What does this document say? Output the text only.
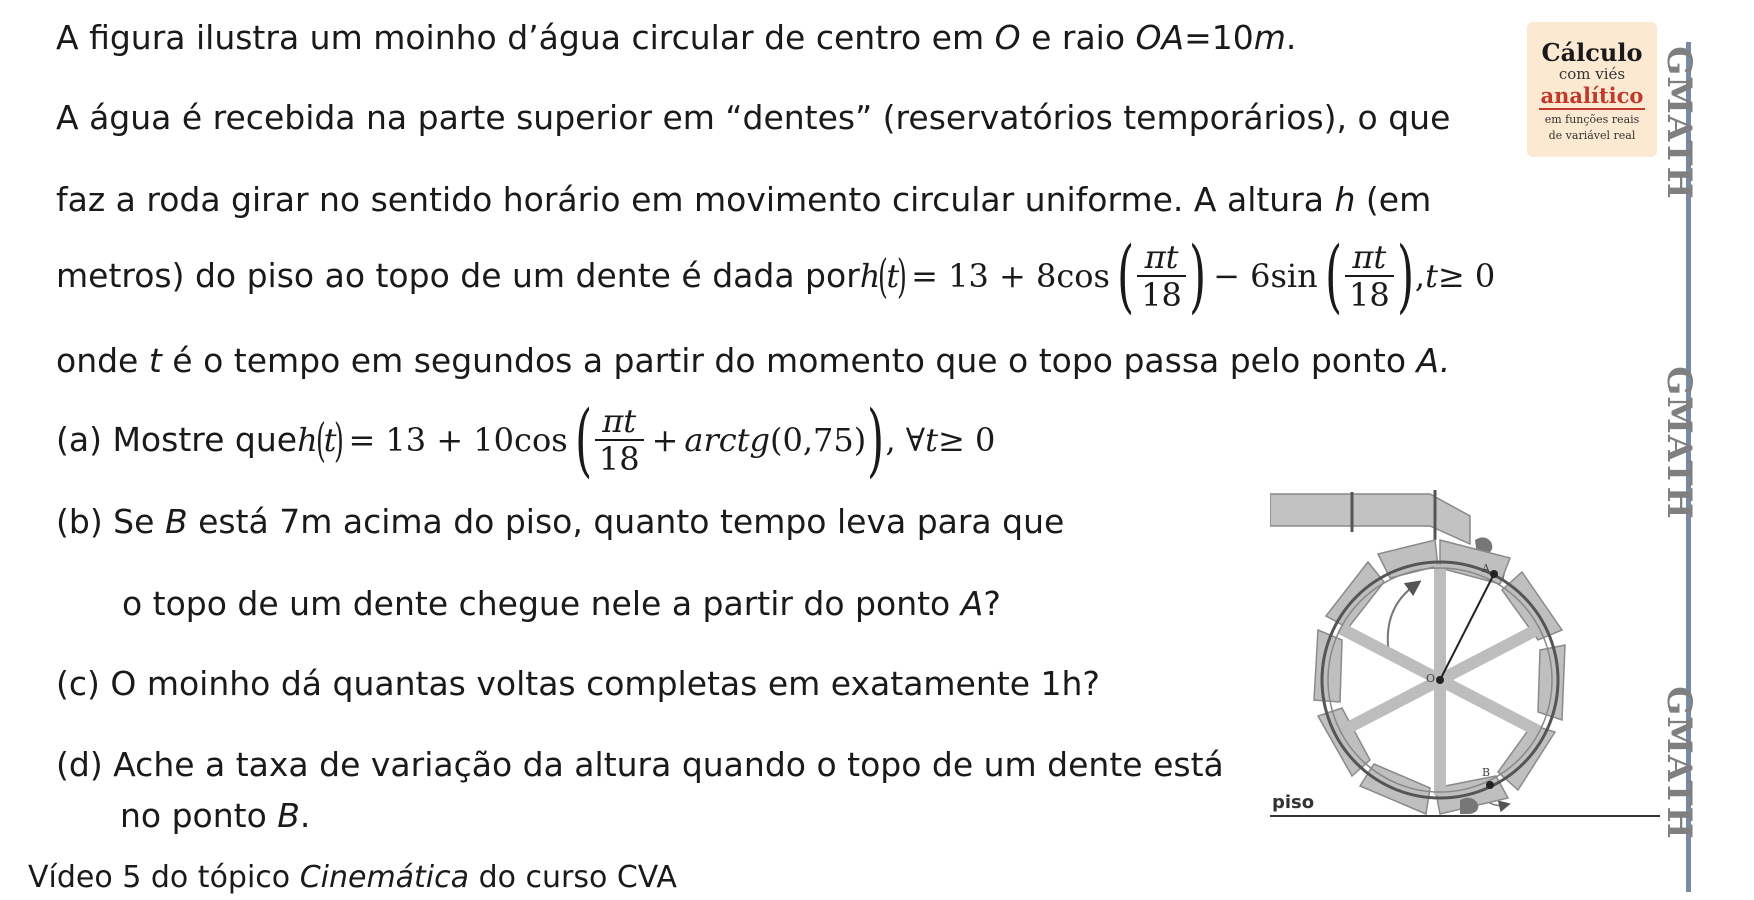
A figura ilustra um moinho d’água circular de centro em O e raio OA=10m.
A água é recebida na parte superior em “dentes” (reservatórios temporários), o que
faz a roda girar no sentido horário em movimento circular uniforme. A altura h (em
metros) do piso ao topo de um dente é dada por h
(
t
) = 13 + 8cos ( $\frac{\pi t}{18}$ ) − 6sin ( $\frac{\pi t}{18}$ ) , t ≥ 0
onde t é o tempo em segundos a partir do momento que o topo passa pelo ponto A.
(a) Mostre que h
(
t
) = 13 + 10cos ( $\frac{\pi t}{18}$ + arctg (0,75) ) , ∀ t ≥ 0
(b) Se B está 7m acima do piso, quanto tempo leva para que
o topo de um dente chegue nele a partir do ponto A?
(c) O moinho dá quantas voltas completas em exatamente 1h?
(d) Ache a taxa de variação da altura quando o topo de um dente está
no ponto B.
Vídeo 5 do tópico Cinemática do curso CVA
Cálculo
com viés
analítico
em funções reais
de variável real GMATH
GMATH
GMATH
A
O
B
piso
